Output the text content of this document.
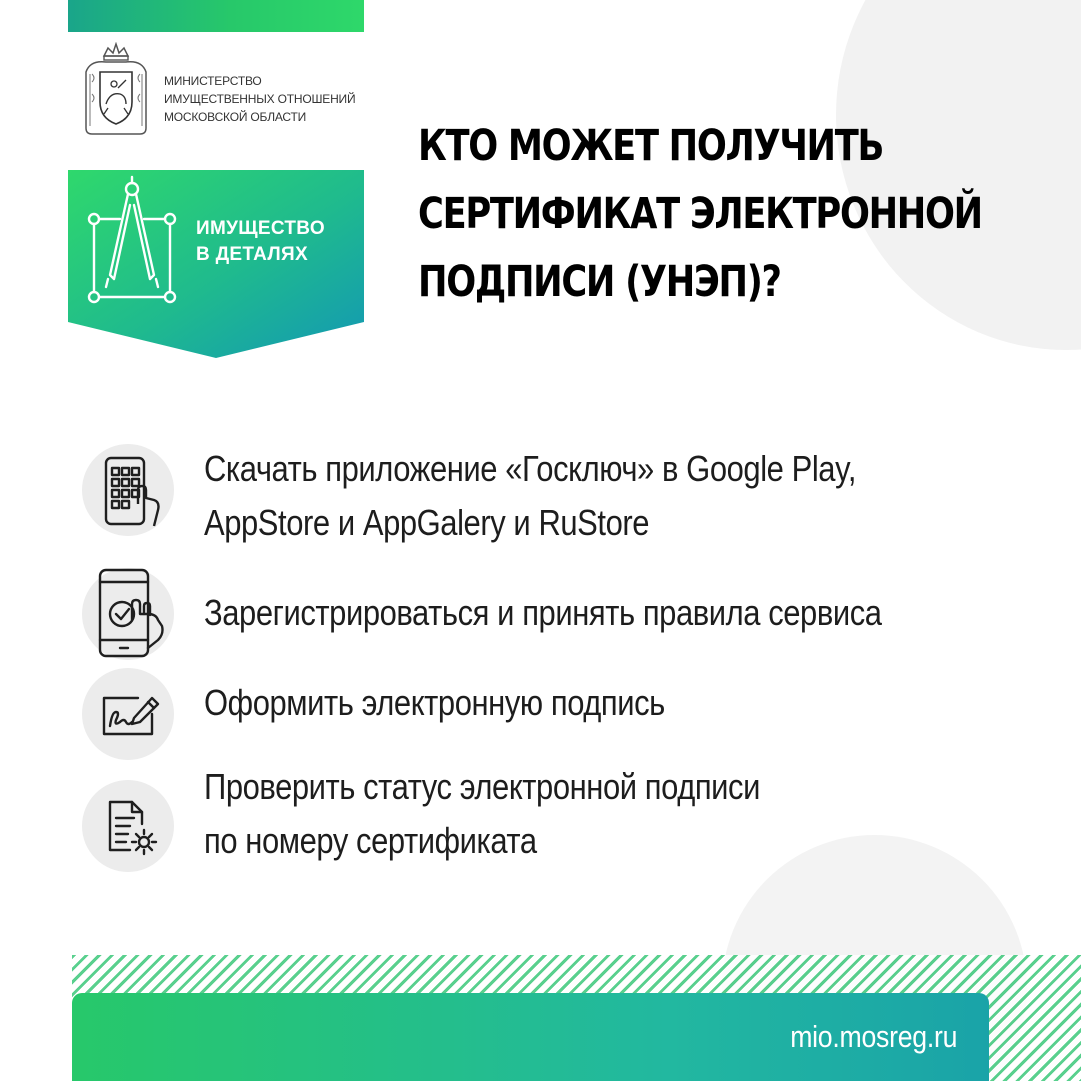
МИНИСТЕРСТВО
ИМУЩЕСТВЕННЫХ ОТНОШЕНИЙ
МОСКОВСКОЙ ОБЛАСТИ
ИМУЩЕСТВО
В ДЕТАЛЯХ
КТО МОЖЕТ ПОЛУЧИТЬ
СЕРТИФИКАТ ЭЛЕКТРОННОЙ
ПОДПИСИ (УНЭП)?
Скачать приложение «Госключ» в Google Play,
AppStore и AppGalery и RuStore
Зарегистрироваться и принять правила сервиса
Оформить электронную подпись
Проверить статус электронной подписи
по номеру сертификата
mio.mosreg.ru
